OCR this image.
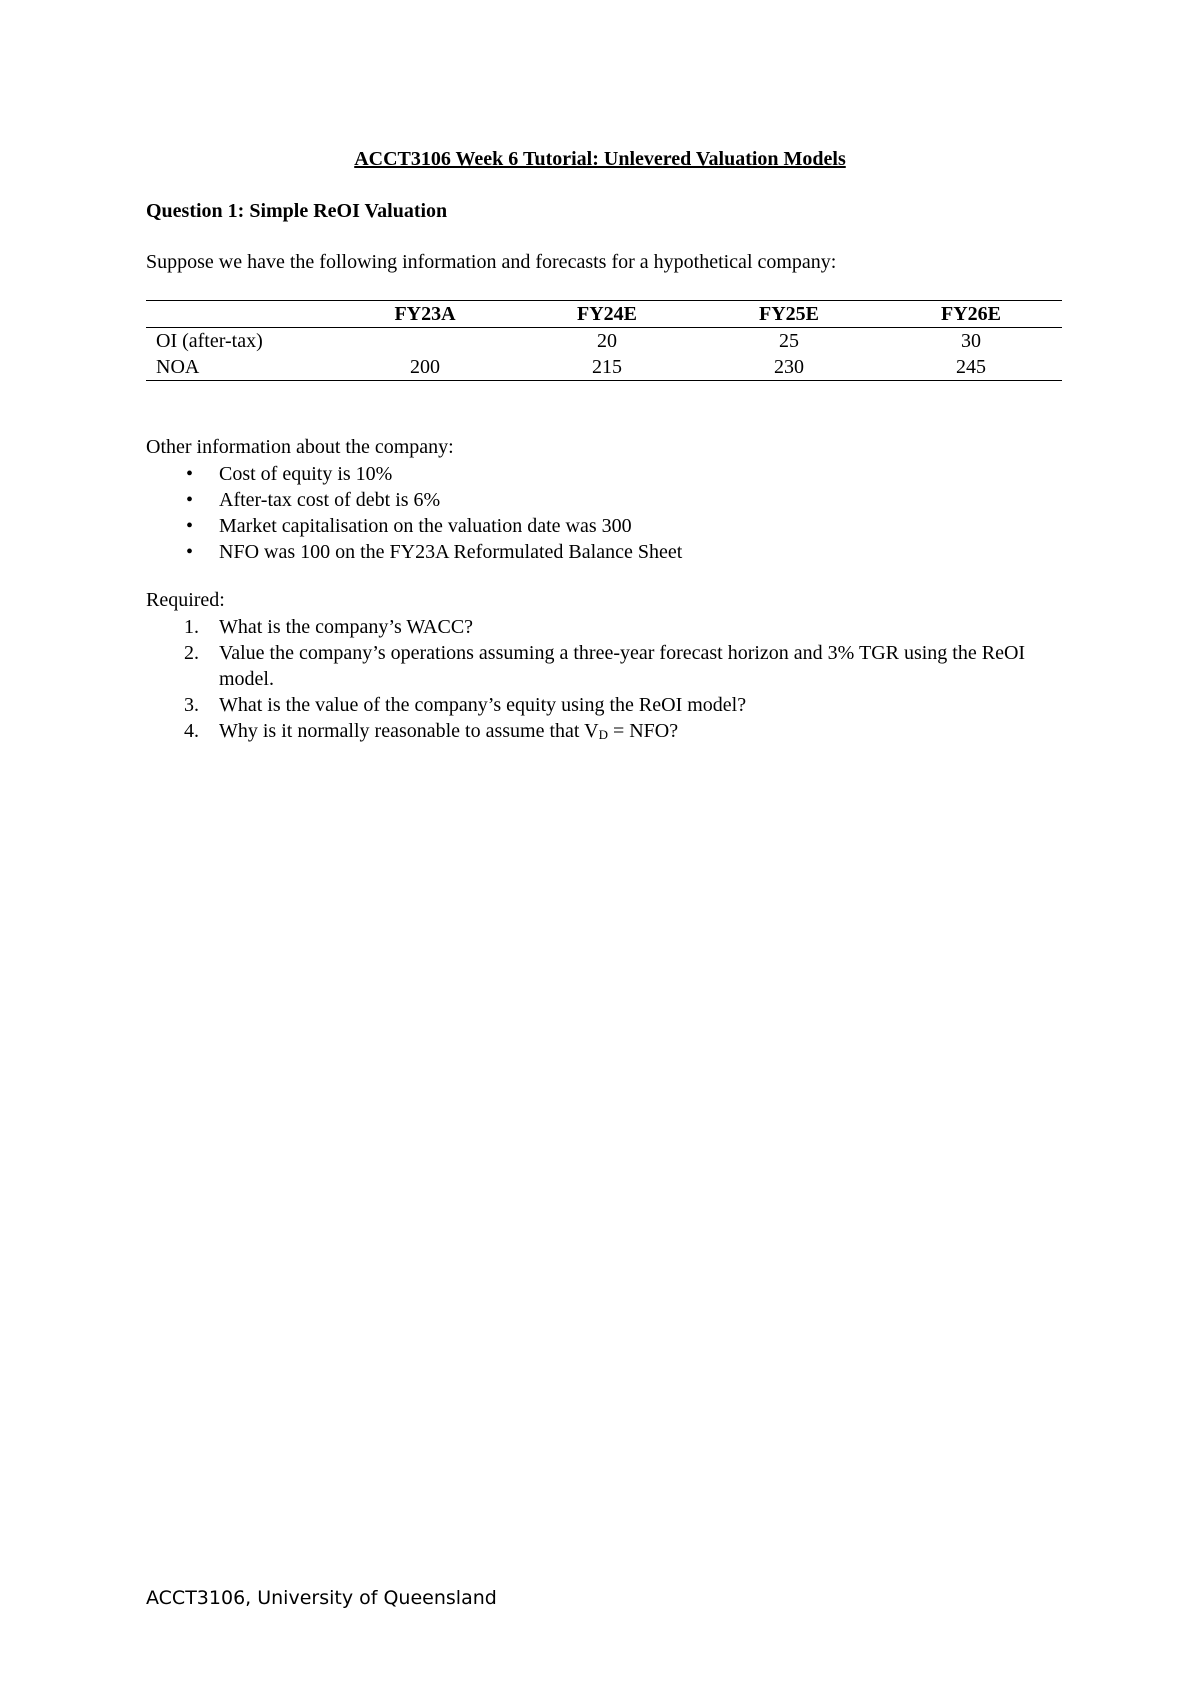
ACCT3106 Week 6 Tutorial: Unlevered Valuation Models
Question 1: Simple ReOI Valuation
Suppose we have the following information and forecasts for a hypothetical company:
	FY23A	FY24E	FY25E	FY26E
OI (after-tax)		20	25	30
NOA	200	215	230	245
Other information about the company:
• Cost of equity is 10%
• After-tax cost of debt is 6%
• Market capitalisation on the valuation date was 300
• NFO was 100 on the FY23A Reformulated Balance Sheet
Required:
1. What is the company’s WACC?
2. Value the company’s operations assuming a three-year forecast horizon and 3% TGR using the ReOI model.
3. What is the value of the company’s equity using the ReOI model?
4. Why is it normally reasonable to assume that $V_D$ = NFO?
ACCT3106, University of Queensland
